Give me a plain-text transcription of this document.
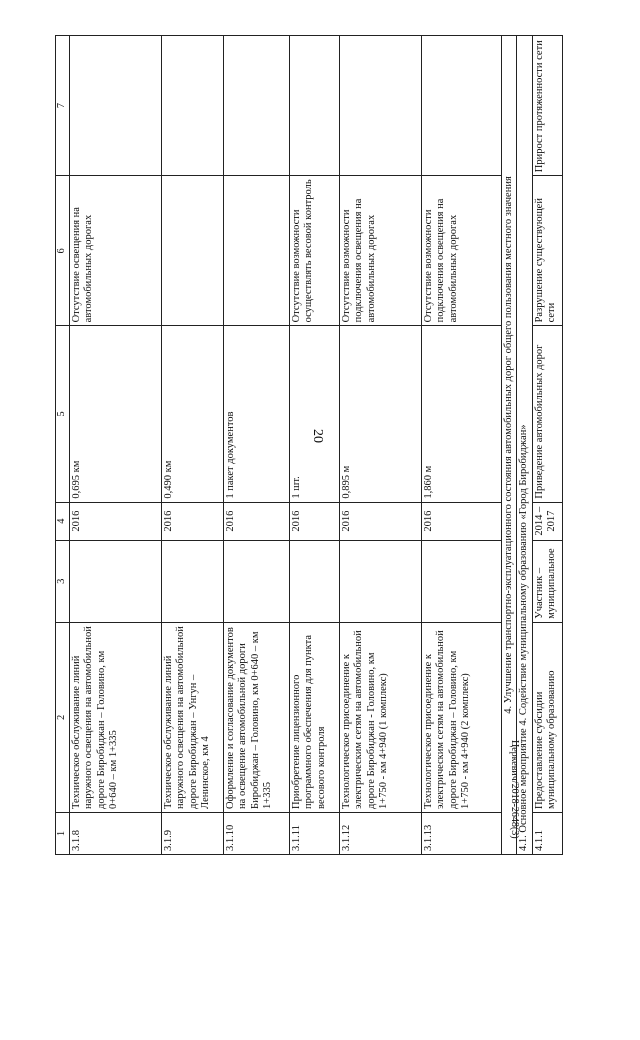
20
Церкевич/2018-2648(3)
1	2	3	4	5	6	7
3.1.8	Техническое обслуживание линий наружного освещения на автомобильной дороге Биробиджан – Головино, км 0+640 – км 1+335		2016	0,695 км	Отсутствие освещения на автомобильных дорогах	
3.1.9	Техническое обслуживание линий наружного освещения на автомобильной дороге Биробиджан – Унгун – Ленинское, км 4		2016	0,490 км		
3.1.10	Оформление и согласование документов на освещение автомобильной дороги Биробиджан – Головино, км 0+640 – км 1+335		2016	1 пакет документов		
3.1.11	Приобретение лицензионного программного обеспечения для пункта весового контроля		2016	1 шт.	Отсутствие возможности осуществлять весовой контроль	
3.1.12	Технологическое присоединение к электрическим сетям на автомобильной дороге Биробиджан - Головино, км 1+750 - км 4+940 (1 комплекс)		2016	0,895 м	Отсутствие возможности подключения освещения на автомобильных дорогах	
3.1.13	Технологическое присоединение к электрическим сетям на автомобильной дороге Биробиджан – Головино, км 1+750 - км 4+940 (2 комплекс)		2016	1,860 м	Отсутствие возможности подключения освещения на автомобильных дорогах	
4. Улучшение транспортно-эксплуатационного состояния автомобильных дорог общего пользования местного значения						
4.1. Основное мероприятие 4. Содействие муниципальному образованию «Город Биробиджан»						
4.1.1	Предоставление субсидии муниципальному образованию	Участник – муниципальное	2014 – 2017	Приведение автомобильных дорог	Разрушение существующей сети	Прирост протяженности сети
